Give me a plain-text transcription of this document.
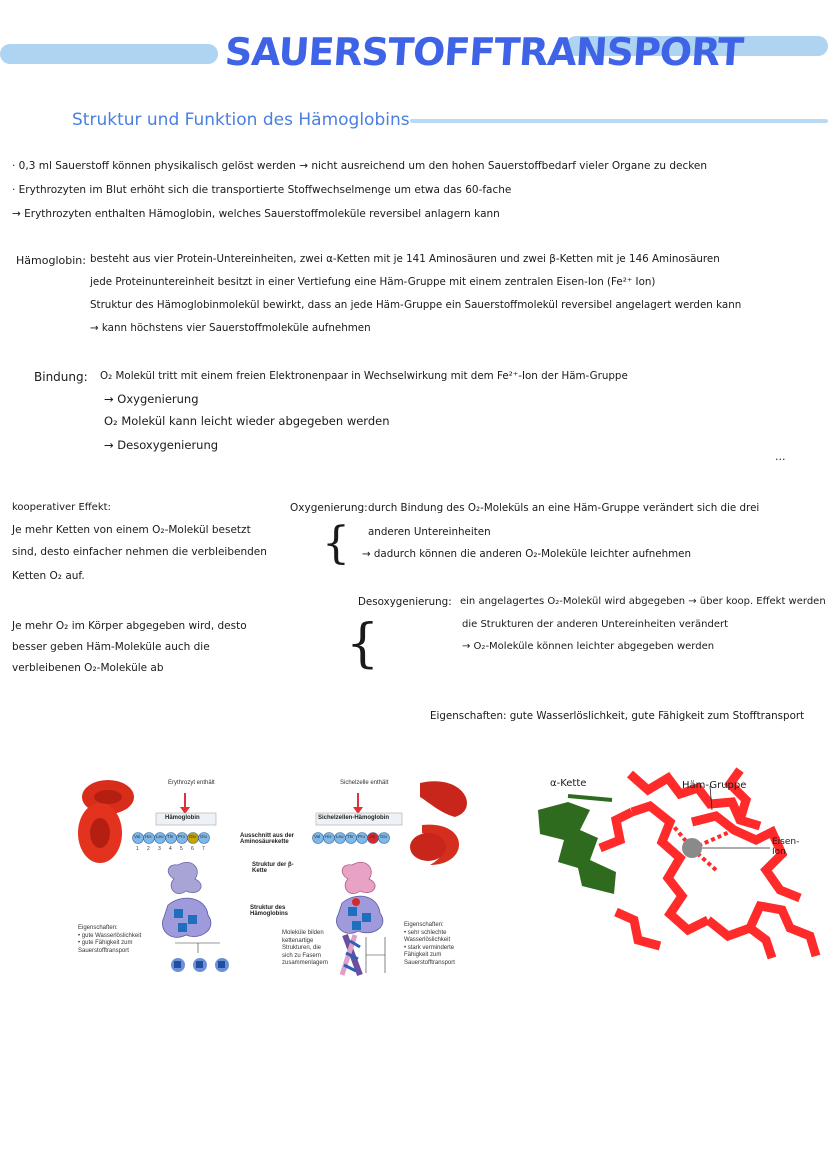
SAUERSTOFFTRANSPORT
Struktur und Funktion des Hämoglobins
· 0,3 ml Sauerstoff können physikalisch gelöst werden → nicht ausreichend um den hohen Sauerstoffbedarf vieler Organe zu decken
· Erythrozyten im Blut erhöht sich die transportierte Stoffwechselmenge um etwa das 60-fache
→ Erythrozyten enthalten Hämoglobin, welches Sauerstoffmoleküle reversibel anlagern kann
Hämoglobin: besteht aus vier Protein-Untereinheiten, zwei α-Ketten mit je 141 Aminosäuren und zwei β-Ketten mit je 146 Aminosäuren
jede Proteinuntereinheit besitzt in einer Vertiefung eine Häm-Gruppe mit einem zentralen Eisen-Ion (Fe²⁺ Ion)
Struktur des Hämoglobinmolekül bewirkt, dass an jede Häm-Gruppe ein Sauerstoffmolekül reversibel angelagert werden kann
→ kann höchstens vier Sauerstoffmoleküle aufnehmen
Bindung: O₂ Molekül tritt mit einem freien Elektronenpaar in Wechselwirkung mit dem Fe²⁺-Ion der Häm-Gruppe
→ Oxygenierung
O₂ Molekül kann leicht wieder abgegeben werden
→ Desoxygenierung
...
kooperativer Effekt:
Je mehr Ketten von einem O₂-Molekül besetzt
sind, desto einfacher nehmen die verbleibenden
Ketten O₂ auf.
Je mehr O₂ im Körper abgegeben wird, desto
besser geben Häm-Moleküle auch die
verbleibenen O₂-Moleküle ab
Oxygenierung: durch Bindung des O₂-Moleküls an eine Häm-Gruppe verändert sich die drei
anderen Untereinheiten
→ dadurch können die anderen O₂-Moleküle leichter aufnehmen
{
Desoxygenierung: ein angelagertes O₂-Molekül wird abgegeben → über koop. Effekt werden
die Strukturen der anderen Untereinheiten verändert
→ O₂-Moleküle können leichter abgegeben werden
{
Eigenschaften: gute Wasserlöslichkeit, gute Fähigkeit zum Stofftransport
Erythrozyt enthält
Hämoglobin
Sichelzelle enthält
Sichelzellen-Hämoglobin
Ausschnitt aus der Aminosäurekette
Struktur der β-Kette
Struktur des Hämoglobins
Val His Leu Thr Pro Glu Glu	Val His Leu Thr Pro Val Glu
1 2 3 4 5 6 7
Eigenschaften:
• gute Wasserlöslichkeit
• gute Fähigkeit zum
Sauerstofftransport
Moleküle bilden
kettenartige
Strukturen, die
sich zu Fasern
zusammenlagern
Eigenschaften:
• sehr schlechte
Wasserlöslichkeit
• stark verminderte
Fähigkeit zum
Sauerstofftransport
α-Kette	Häm-Gruppe
Eisen-Ion
